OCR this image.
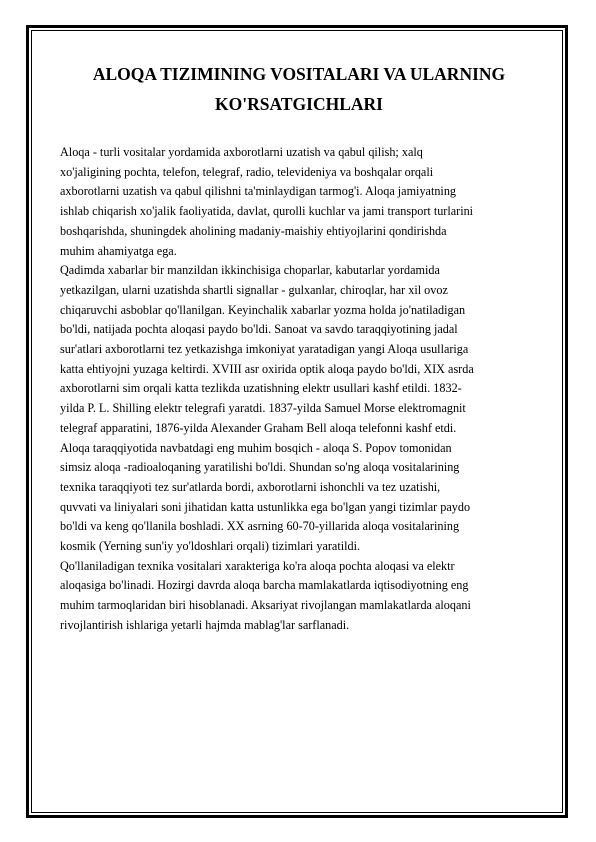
ALOQA TIZIMINING VOSITALARI VA ULARNING KO'RSATGICHLARI
Aloqa - turli vositalar yordamida axborotlarni uzatish va qabul qilish; xalq
xo'jaligining pochta, telefon, telegraf, radio, televideniya va boshqalar orqali
axborotlarni uzatish va qabul qilishni ta'minlaydigan tarmog'i. Aloqa jamiyatning
ishlab chiqarish xo'jalik faoliyatida, davlat, qurolli kuchlar va jami transport turlarini
boshqarishda, shuningdek aholining madaniy-maishiy ehtiyojlarini qondirishda
muhim ahamiyatga ega.
Qadimda xabarlar bir manzildan ikkinchisiga choparlar, kabutarlar yordamida
yetkazilgan, ularni uzatishda shartli signallar - gulxanlar, chiroqlar, har xil ovoz
chiqaruvchi asboblar qo'llanilgan. Keyinchalik xabarlar yozma holda jo'natiladigan
bo'ldi, natijada pochta aloqasi paydo bo'ldi. Sanoat va savdo taraqqiyotining jadal
sur'atlari axborotlarni tez yetkazishga imkoniyat yaratadigan yangi Aloqa usullariga
katta ehtiyojni yuzaga keltirdi. XVIII asr oxirida optik aloqa paydo bo'ldi, XIX asrda
axborotlarni sim orqali katta tezlikda uzatishning elektr usullari kashf etildi. 1832-
yilda P. L. Shilling elektr telegrafi yaratdi. 1837-yilda Samuel Morse elektromagnit
telegraf apparatini, 1876-yilda Alexander Graham Bell aloqa telefonni kashf etdi.
Aloqa taraqqiyotida navbatdagi eng muhim bosqich - aloqa S. Popov tomonidan
simsiz aloqa -radioaloqaning yaratilishi bo'ldi. Shundan so'ng aloqa vositalarining
texnika taraqqiyoti tez sur'atlarda bordi, axborotlarni ishonchli va tez uzatishi,
quvvati va liniyalari soni jihatidan katta ustunlikka ega bo'lgan yangi tizimlar paydo
bo'ldi va keng qo'llanila boshladi. XX asrning 60-70-yillarida aloqa vositalarining
kosmik (Yerning sun'iy yo'ldoshlari orqali) tizimlari yaratildi.
Qo'llaniladigan texnika vositalari xarakteriga ko'ra aloqa pochta aloqasi va elektr
aloqasiga bo'linadi. Hozirgi davrda aloqa barcha mamlakatlarda iqtisodiyotning eng
muhim tarmoqlaridan biri hisoblanadi. Aksariyat rivojlangan mamlakatlarda aloqani
rivojlantirish ishlariga yetarli hajmda mablag'lar sarflanadi.
